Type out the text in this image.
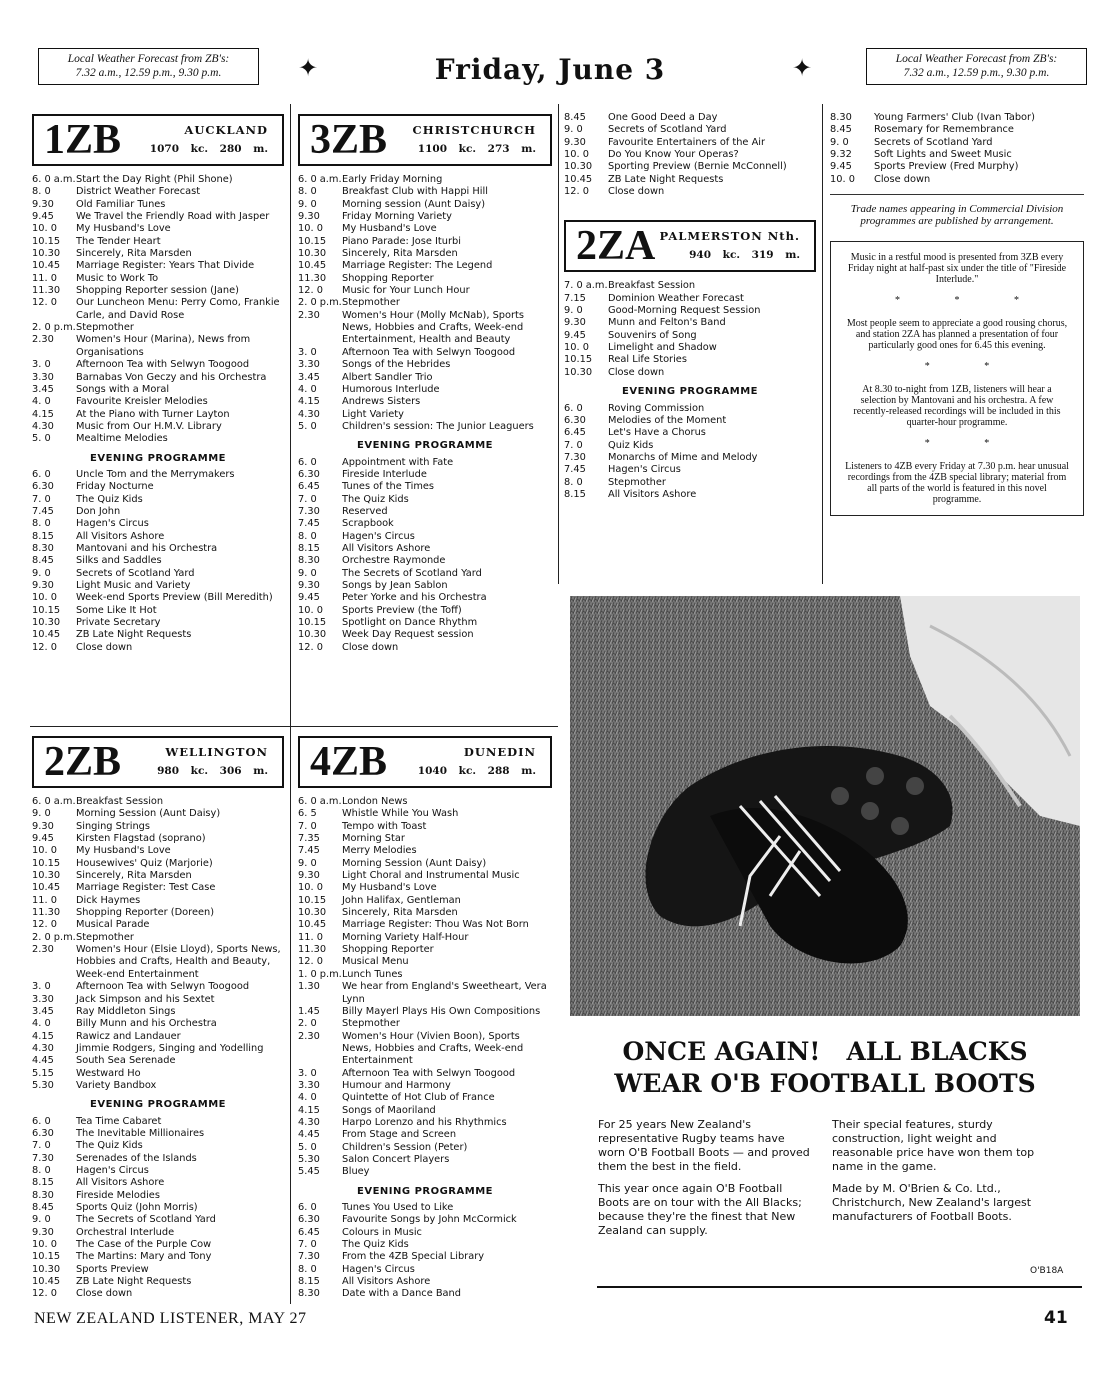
Local Weather Forecast from ZB's:
7.32 a.m., 12.59 p.m., 9.30 p.m.	✦	Friday, June 3	✦	Local Weather Forecast from ZB's:
7.32 a.m., 12.59 p.m., 9.30 p.m.
1ZB	AUCKLAND
1070 kc. 280 m.
6. 0 a.m. Start the Day Right (Phil Shone)
8. 0	District Weather Forecast
9.30	Old Familiar Tunes
9.45	We Travel the Friendly Road with Jasper
10. 0	My Husband's Love
10.15	The Tender Heart
10.30	Sincerely, Rita Marsden
10.45	Marriage Register: Years That Divide
11. 0	Music to Work To
11.30	Shopping Reporter session (Jane)
12. 0	Our Luncheon Menu: Perry Como, Frankie Carle, and David Rose
2. 0 p.m. Stepmother
2.30	Women's Hour (Marina), News from Organisations
3. 0	Afternoon Tea with Selwyn Toogood
3.30	Barnabas Von Geczy and his Orchestra
3.45	Songs with a Moral
4. 0	Favourite Kreisler Melodies
4.15	At the Piano with Turner Layton
4.30	Music from Our H.M.V. Library
5. 0	Mealtime Melodies
EVENING PROGRAMME
6. 0	Uncle Tom and the Merrymakers
6.30	Friday Nocturne
7. 0	The Quiz Kids
7.45	Don John
8. 0	Hagen's Circus
8.15	All Visitors Ashore
8.30	Mantovani and his Orchestra
8.45	Silks and Saddles
9. 0	Secrets of Scotland Yard
9.30	Light Music and Variety
10. 0	Week-end Sports Preview (Bill Meredith)
10.15	Some Like It Hot
10.30	Private Secretary
10.45	ZB Late Night Requests
12. 0	Close down
2ZB	WELLINGTON
980 kc. 306 m.
6. 0 a.m. Breakfast Session
9. 0	Morning Session (Aunt Daisy)
9.30	Singing Strings
9.45	Kirsten Flagstad (soprano)
10. 0	My Husband's Love
10.15	Housewives' Quiz (Marjorie)
10.30	Sincerely, Rita Marsden
10.45	Marriage Register: Test Case
11. 0	Dick Haymes
11.30	Shopping Reporter (Doreen)
12. 0	Musical Parade
2. 0 p.m. Stepmother
2.30	Women's Hour (Elsie Lloyd), Sports News, Hobbies and Crafts, Health and Beauty, Week-end Entertainment
3. 0	Afternoon Tea with Selwyn Toogood
3.30	Jack Simpson and his Sextet
3.45	Ray Middleton Sings
4. 0	Billy Munn and his Orchestra
4.15	Rawicz and Landauer
4.30	Jimmie Rodgers, Singing and Yodelling
4.45	South Sea Serenade
5.15	Westward Ho
5.30	Variety Bandbox
EVENING PROGRAMME
6. 0	Tea Time Cabaret
6.30	The Inevitable Millionaires
7. 0	The Quiz Kids
7.30	Serenades of the Islands
8. 0	Hagen's Circus
8.15	All Visitors Ashore
8.30	Fireside Melodies
8.45	Sports Quiz (John Morris)
9. 0	The Secrets of Scotland Yard
9.30	Orchestral Interlude
10. 0	The Case of the Purple Cow
10.15	The Martins: Mary and Tony
10.30	Sports Preview
10.45	ZB Late Night Requests
12. 0	Close down
3ZB CHRISTCHURCH
1100 kc. 273 m.
6. 0 a.m. Early Friday Morning
8. 0	Breakfast Club with Happi Hill
9. 0	Morning session (Aunt Daisy)
9.30	Friday Morning Variety
10. 0	My Husband's Love
10.15	Piano Parade: Jose Iturbi
10.30	Sincerely, Rita Marsden
10.45	Marriage Register: The Legend
11.30	Shopping Reporter
12. 0	Music for Your Lunch Hour
2. 0 p.m. Stepmother
2.30	Women's Hour (Molly McNab), Sports News, Hobbies and Crafts, Week-end Entertainment, Health and Beauty
3. 0	Afternoon Tea with Selwyn Toogood
3.30	Songs of the Hebrides
3.45	Albert Sandler Trio
4. 0	Humorous Interlude
4.15	Andrews Sisters
4.30	Light Variety
5. 0	Children's session: The Junior Leaguers
EVENING PROGRAMME
6. 0	Appointment with Fate
6.30	Fireside Interlude
6.45	Tunes of the Times
7. 0	The Quiz Kids
7.30	Reserved
7.45	Scrapbook
8. 0	Hagen's Circus
8.15	All Visitors Ashore
8.30	Orchestre Raymonde
9. 0	The Secrets of Scotland Yard
9.30	Songs by Jean Sablon
9.45	Peter Yorke and his Orchestra
10. 0	Sports Preview (the Toff)
10.15	Spotlight on Dance Rhythm
10.30	Week Day Request session
12. 0	Close down
4ZB	DUNEDIN
1040 kc. 288 m.
6. 0 a.m. London News
6. 5	Whistle While You Wash
7. 0	Tempo with Toast
7.35	Morning Star
7.45	Merry Melodies
9. 0	Morning Session (Aunt Daisy)
9.30	Light Choral and Instrumental Music
10. 0	My Husband's Love
10.15	John Halifax, Gentleman
10.30	Sincerely, Rita Marsden
10.45	Marriage Register: Thou Was Not Born
11. 0	Morning Variety Half-Hour
11.30	Shopping Reporter
12. 0	Musical Menu
1. 0 p.m. Lunch Tunes
1.30	We hear from England's Sweetheart, Vera Lynn
1.45	Billy Mayerl Plays His Own Compositions
2. 0	Stepmother
2.30	Women's Hour (Vivien Boon), Sports News, Hobbies and Crafts, Week-end Entertainment
3. 0	Afternoon Tea with Selwyn Toogood
3.30	Humour and Harmony
4. 0	Quintette of Hot Club of France
4.15	Songs of Maoriland
4.30	Harpo Lorenzo and his Rhythmics
4.45	From Stage and Screen
5. 0	Children's Session (Peter)
5.30	Salon Concert Players
5.45	Bluey
EVENING PROGRAMME
6. 0	Tunes You Used to Like
6.30	Favourite Songs by John McCormick
6.45	Colours in Music
7. 0	The Quiz Kids
7.30	From the 4ZB Special Library
8. 0	Hagen's Circus
8.15	All Visitors Ashore
8.30	Date with a Dance Band
8.45	One Good Deed a Day
9. 0	Secrets of Scotland Yard
9.30	Favourite Entertainers of the Air
10. 0	Do You Know Your Operas?
10.30	Sporting Preview (Bernie McConnell)
10.45	ZB Late Night Requests
12. 0	Close down
2ZA PALMERSTON Nth.
940 kc. 319 m.
7. 0 a.m. Breakfast Session
7.15	Dominion Weather Forecast
9. 0	Good-Morning Request Session
9.30	Munn and Felton's Band
9.45	Souvenirs of Song
10. 0	Limelight and Shadow
10.15	Real Life Stories
10.30	Close down
EVENING PROGRAMME
6. 0	Roving Commission
6.30	Melodies of the Moment
6.45	Let's Have a Chorus
7. 0	Quiz Kids
7.30	Monarchs of Mime and Melody
7.45	Hagen's Circus
8. 0	Stepmother
8.15	All Visitors Ashore
8.30	Young Farmers' Club (Ivan Tabor)
8.45	Rosemary for Remembrance
9. 0	Secrets of Scotland Yard
9.32	Soft Lights and Sweet Music
9.45	Sports Preview (Fred Murphy)
10. 0	Close down
Trade names appearing in Commercial Division programmes are published by arrangement.

Music in a restful mood is presented from 3ZB every Friday night at half-past six under the title of "Fireside Interlude."

* * *

Most people seem to appreciate a good rousing chorus, and station 2ZA has planned a presentation of four particularly good ones for 6.45 this evening.

* *

At 8.30 to-night from 1ZB, listeners will hear a selection by Mantovani and his orchestra. A few recently-released recordings will be included in this quarter-hour programme.

* *

Listeners to 4ZB every Friday at 7.30 p.m. hear unusual recordings from the 4ZB special library; material from all parts of the world is featured in this novel programme.

ONCE AGAIN!   ALL BLACKS
WEAR O'B FOOTBALL BOOTS

For 25 years New Zealand's representative Rugby teams have worn O'B Football Boots — and proved them the best in the field.

This year once again O'B Football Boots are on tour with the All Blacks; because they're the finest that New Zealand can supply.

Their special features, sturdy construction, light weight and reasonable price have won them top name in the game.

Made by M. O'Brien & Co. Ltd., Christchurch, New Zealand's largest manufacturers of Football Boots.

O'B18A
NEW ZEALAND LISTENER, MAY 27	41
